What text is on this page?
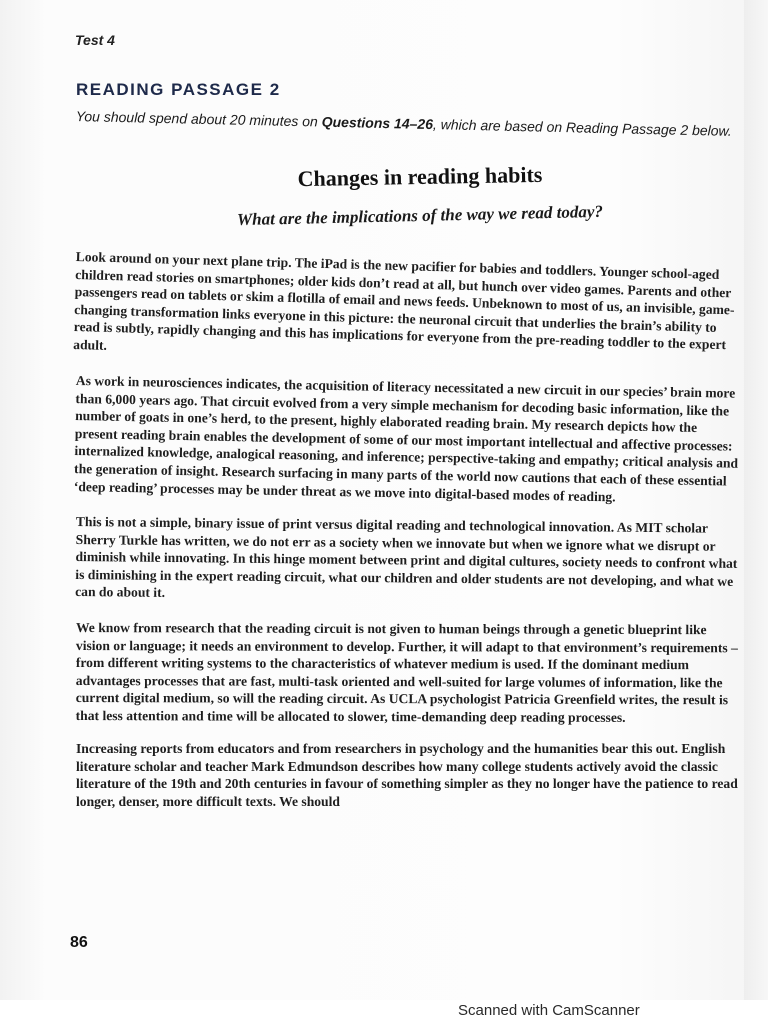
Test 4
READING PASSAGE 2
You should spend about 20 minutes on Questions 14–26, which are based on Reading Passage 2 below.
Changes in reading habits
What are the implications of the way we read today?

Look around on your next plane trip. The iPad is the new pacifier for babies and toddlers. Younger school-aged children read stories on smartphones; older kids don’t read at all, but hunch over video games. Parents and other passengers read on tablets or skim a flotilla of email and news feeds. Unbeknown to most of us, an invisible, game-changing transformation links everyone in this picture: the neuronal circuit that underlies the brain’s ability to read is subtly, rapidly changing and this has implications for everyone from the pre-reading toddler to the expert adult.

As work in neurosciences indicates, the acquisition of literacy necessitated a new circuit in our species’ brain more than 6,000 years ago. That circuit evolved from a very simple mechanism for decoding basic information, like the number of goats in one’s herd, to the present, highly elaborated reading brain. My research depicts how the present reading brain enables the development of some of our most important intellectual and affective processes: internalized knowledge, analogical reasoning, and inference; perspective-taking and empathy; critical analysis and the generation of insight. Research surfacing in many parts of the world now cautions that each of these essential ‘deep reading’ processes may be under threat as we move into digital-based modes of reading.

This is not a simple, binary issue of print versus digital reading and technological innovation. As MIT scholar Sherry Turkle has written, we do not err as a society when we innovate but when we ignore what we disrupt or diminish while innovating. In this hinge moment between print and digital cultures, society needs to confront what is diminishing in the expert reading circuit, what our children and older students are not developing, and what we can do about it.

We know from research that the reading circuit is not given to human beings through a genetic blueprint like vision or language; it needs an environment to develop. Further, it will adapt to that environment’s requirements – from different writing systems to the characteristics of whatever medium is used. If the dominant medium advantages processes that are fast, multi-task oriented and well-suited for large volumes of information, like the current digital medium, so will the reading circuit. As UCLA psychologist Patricia Greenfield writes, the result is that less attention and time will be allocated to slower, time-demanding deep reading processes.

Increasing reports from educators and from researchers in psychology and the humanities bear this out. English literature scholar and teacher Mark Edmundson describes how many college students actively avoid the classic literature of the 19th and 20th centuries in favour of something simpler as they no longer have the patience to read longer, denser, more difficult texts. We should

86
Scanned with CamScanner
